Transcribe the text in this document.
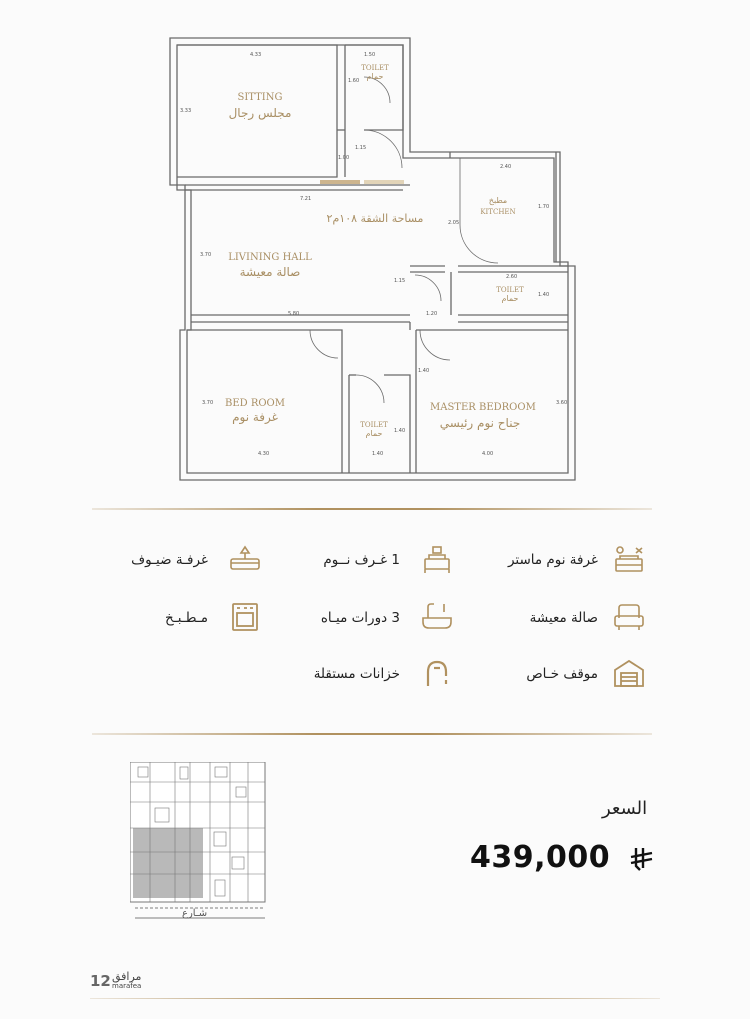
4.33	1.50
3.33
1.60
1.15
1.00
2.40
1.70
7.21
3.70
2.05
2.60
1.15
1.40
5.80	1.20
3.70
1.40
3.60
4.30	1.40
1.40
4.00
SITTING
مجلس رجال
TOILET
حمام
مطبخ
KITCHEN
مساحة الشقة ١٠٨م٢
LIVINING HALL
صالة معيشة
TOILET
حمام
BED ROOM
غرفة نوم
TOILET
حمام
MASTER BEDROOM
جناح نوم رئيسي
غرفة نوم ماستر
1 غـرف نــوم
غرفـة ضيـوف
صالة معيشة
3 دورات ميـاه
مـطـبـخ
موقف خـاص
خزانات مستقلة
شـارع
السعر
439,000
12 مرافق
marafea
